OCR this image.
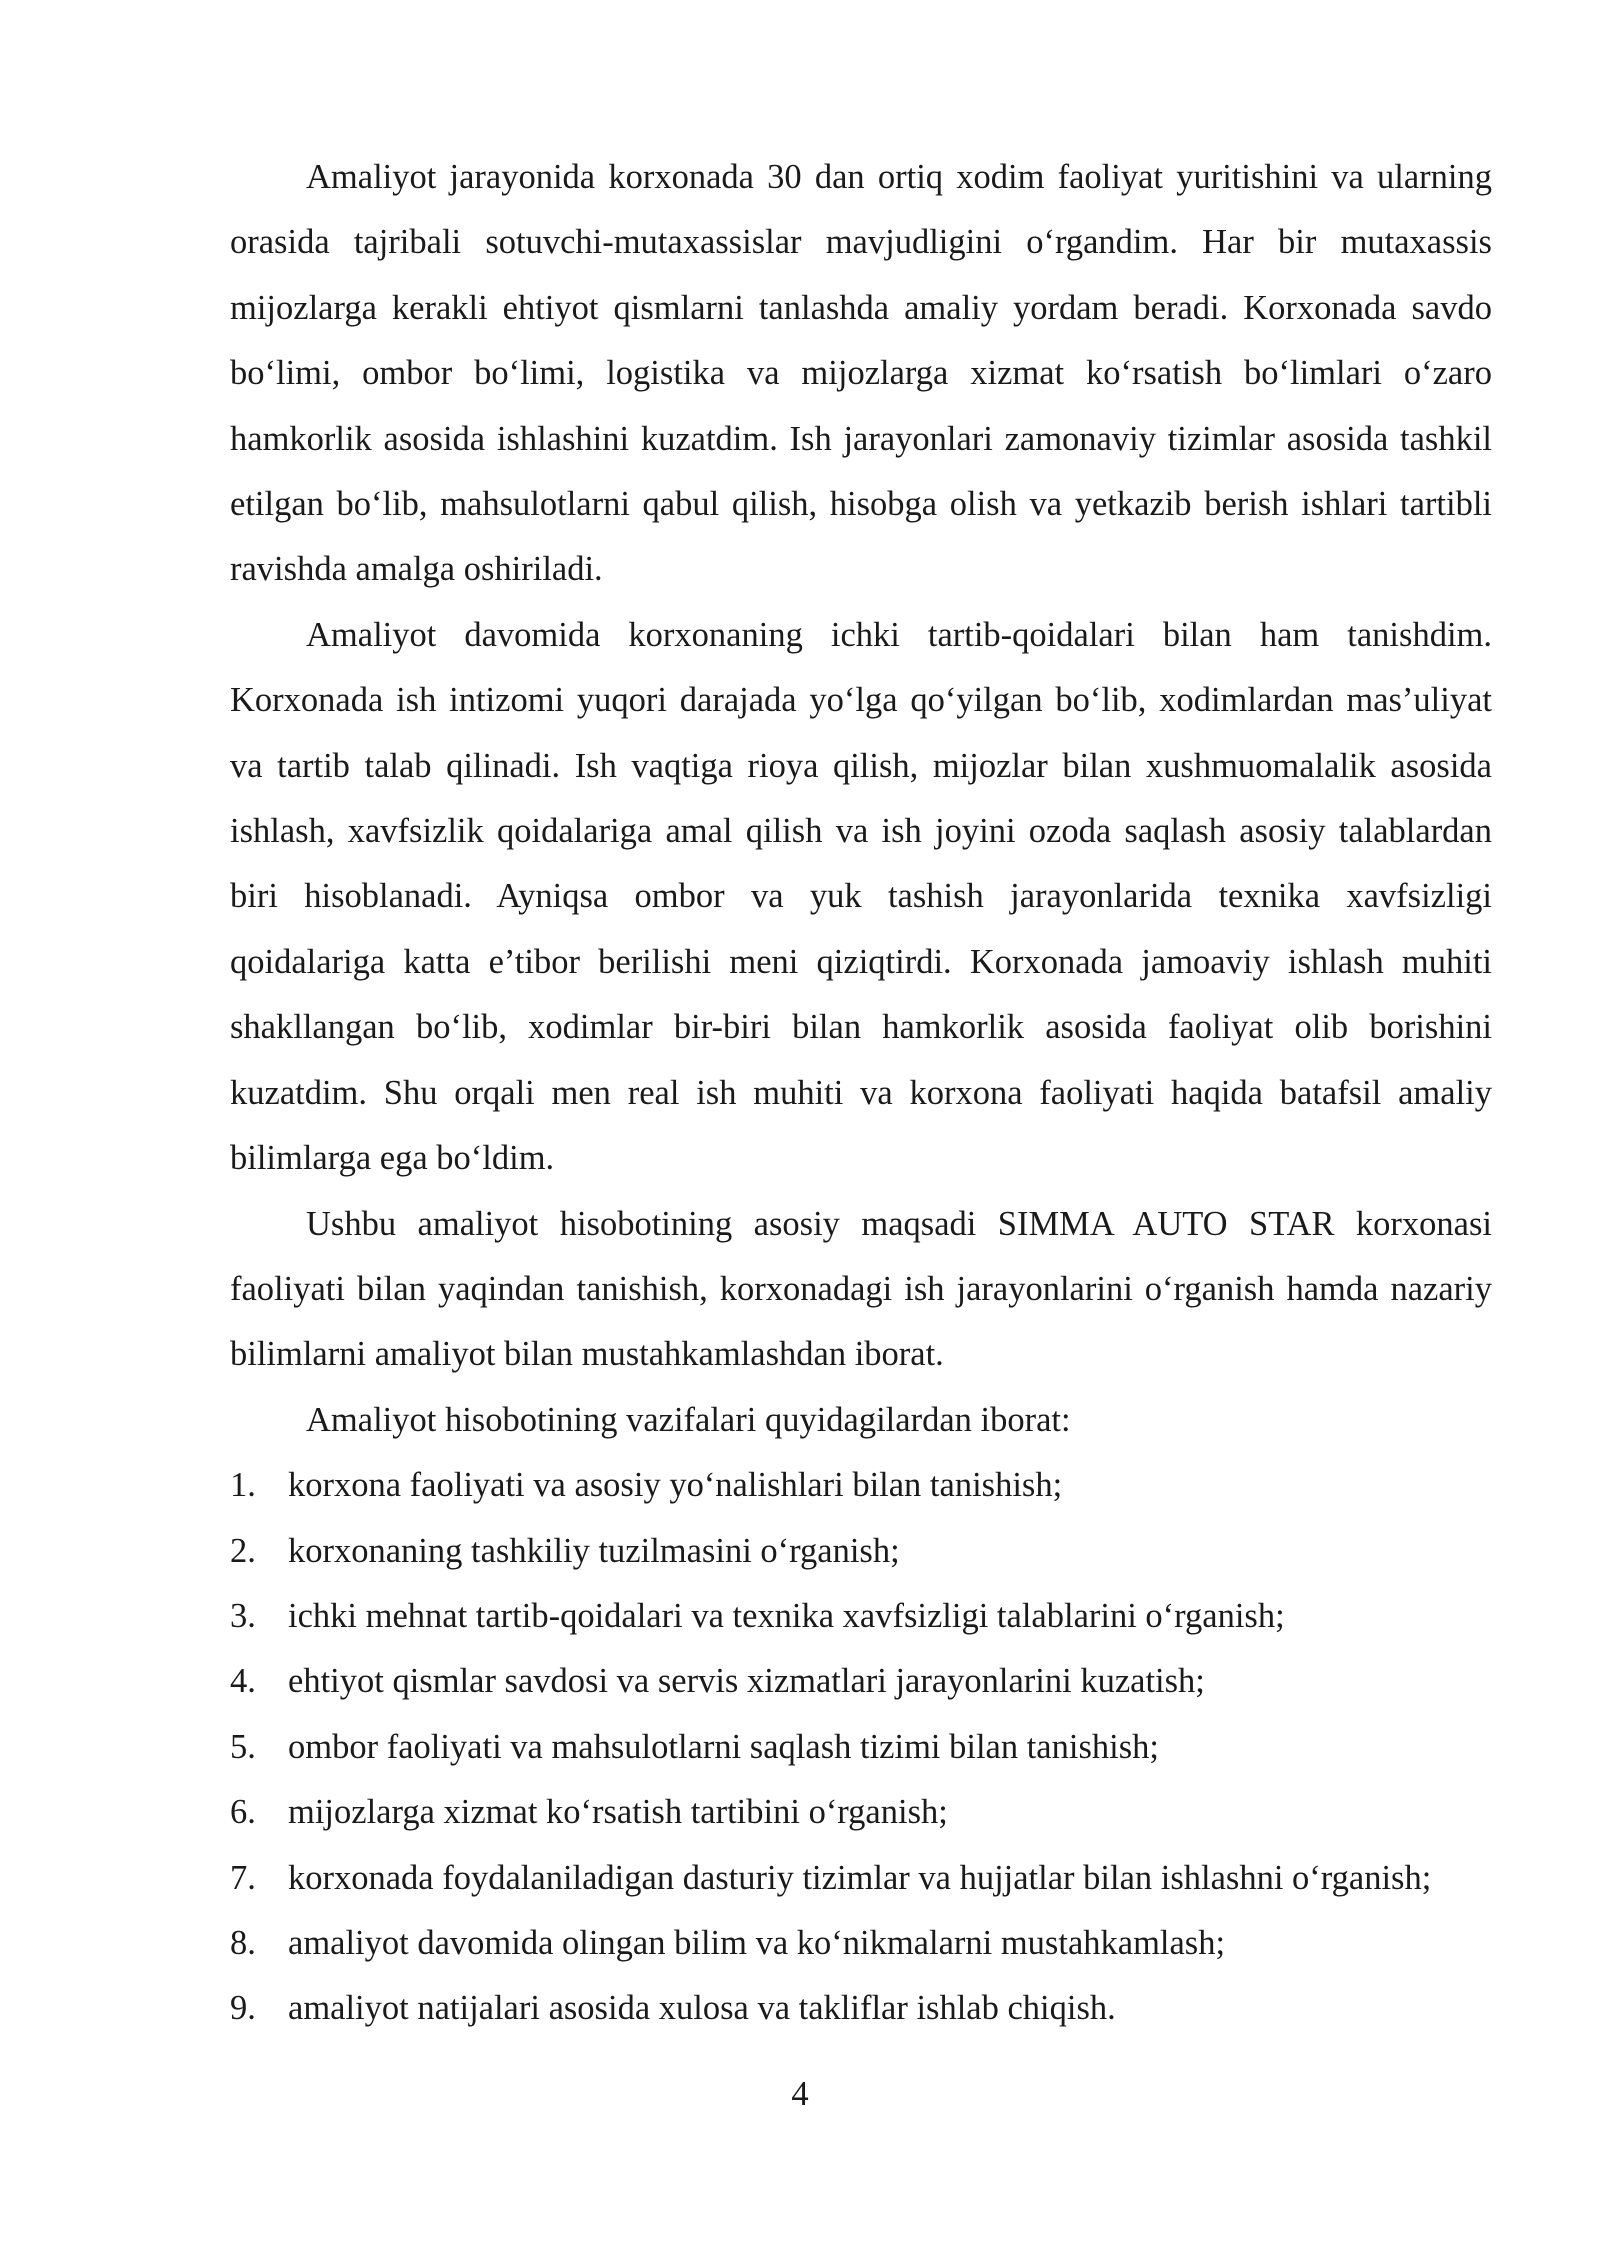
Amaliyot jarayonida korxonada 30 dan ortiq xodim faoliyat yuritishini va ularning orasida tajribali sotuvchi-mutaxassislar mavjudligini o‘rgandim. Har bir mutaxassis mijozlarga kerakli ehtiyot qismlarni tanlashda amaliy yordam beradi. Korxonada savdo bo‘limi, ombor bo‘limi, logistika va mijozlarga xizmat ko‘rsatish bo‘limlari o‘zaro hamkorlik asosida ishlashini kuzatdim. Ish jarayonlari zamonaviy tizimlar asosida tashkil etilgan bo‘lib, mahsulotlarni qabul qilish, hisobga olish va yetkazib berish ishlari tartibli ravishda amalga oshiriladi.

Amaliyot davomida korxonaning ichki tartib-qoidalari bilan ham tanishdim. Korxonada ish intizomi yuqori darajada yo‘lga qo‘yilgan bo‘lib, xodimlardan mas’uliyat va tartib talab qilinadi. Ish vaqtiga rioya qilish, mijozlar bilan xushmuomalalik asosida ishlash, xavfsizlik qoidalariga amal qilish va ish joyini ozoda saqlash asosiy talablardan biri hisoblanadi. Ayniqsa ombor va yuk tashish jarayonlarida texnika xavfsizligi qoidalariga katta e’tibor berilishi meni qiziqtirdi. Korxonada jamoaviy ishlash muhiti shakllangan bo‘lib, xodimlar bir-biri bilan hamkorlik asosida faoliyat olib borishini kuzatdim. Shu orqali men real ish muhiti va korxona faoliyati haqida batafsil amaliy bilimlarga ega bo‘ldim.

Ushbu amaliyot hisobotining asosiy maqsadi SIMMA AUTO STAR korxonasi faoliyati bilan yaqindan tanishish, korxonadagi ish jarayonlarini o‘rganish hamda nazariy bilimlarni amaliyot bilan mustahkamlashdan iborat.

Amaliyot hisobotining vazifalari quyidagilardan iborat:

1. korxona faoliyati va asosiy yo‘nalishlari bilan tanishish;
2. korxonaning tashkiliy tuzilmasini o‘rganish;
3. ichki mehnat tartib-qoidalari va texnika xavfsizligi talablarini o‘rganish;
4. ehtiyot qismlar savdosi va servis xizmatlari jarayonlarini kuzatish;
5. ombor faoliyati va mahsulotlarni saqlash tizimi bilan tanishish;
6. mijozlarga xizmat ko‘rsatish tartibini o‘rganish;
7. korxonada foydalaniladigan dasturiy tizimlar va hujjatlar bilan ishlashni o‘rganish;
8. amaliyot davomida olingan bilim va ko‘nikmalarni mustahkamlash;
9. amaliyot natijalari asosida xulosa va takliflar ishlab chiqish.
4
